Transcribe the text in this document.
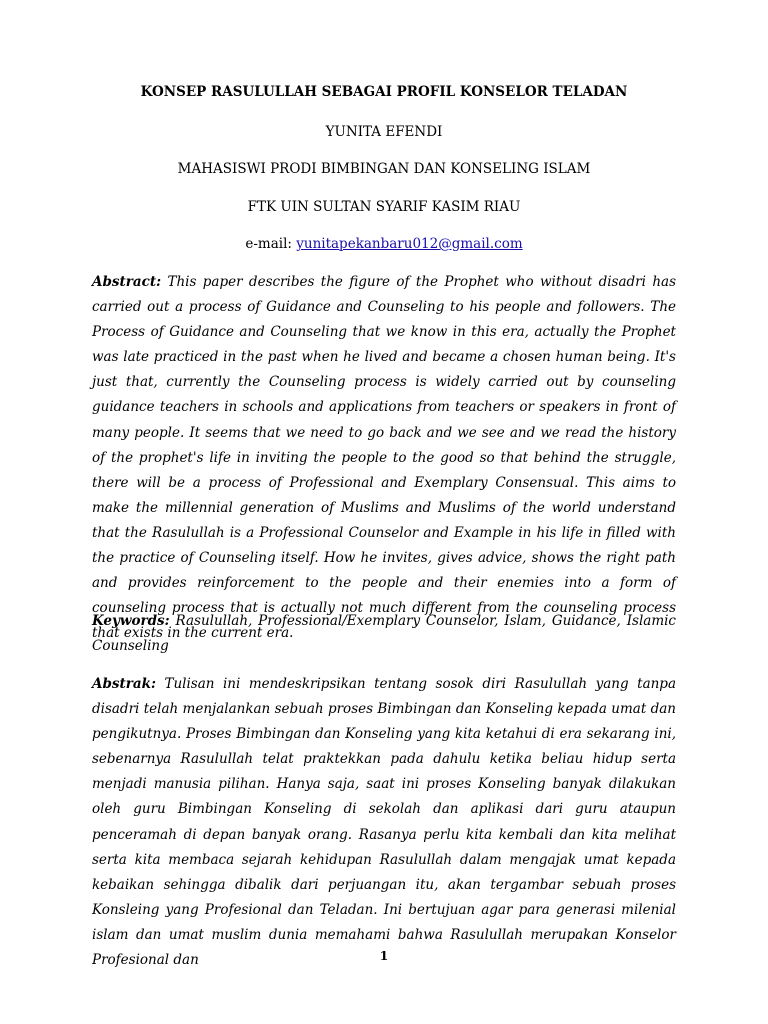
KONSEP RASULULLAH SEBAGAI PROFIL KONSELOR TELADAN
YUNITA EFENDI
MAHASISWI PRODI BIMBINGAN DAN KONSELING ISLAM
FTK UIN SULTAN SYARIF KASIM RIAU
e-mail: yunitapekanbaru012@gmail.com

Abstract: This paper describes the figure of the Prophet who without disadri has carried out a process of Guidance and Counseling to his people and followers. The Process of Guidance and Counseling that we know in this era, actually the Prophet was late practiced in the past when he lived and became a chosen human being. It's just that, currently the Counseling process is widely carried out by counseling guidance teachers in schools and applications from teachers or speakers in front of many people. It seems that we need to go back and we see and we read the history of the prophet's life in inviting the people to the good so that behind the struggle, there will be a process of Professional and Exemplary Consensual. This aims to make the millennial generation of Muslims and Muslims of the world understand that the Rasulullah is a Professional Counselor and Example in his life in filled with the practice of Counseling itself. How he invites, gives advice, shows the right path and provides reinforcement to the people and their enemies into a form of counseling process that is actually not much different from the counseling process that exists in the current era.

Keywords: Rasulullah, Professional/Exemplary Counselor, Islam, Guidance, Islamic Counseling

Abstrak: Tulisan ini mendeskripsikan tentang sosok diri Rasulullah yang tanpa disadri telah menjalankan sebuah proses Bimbingan dan Konseling kepada umat dan pengikutnya. Proses Bimbingan dan Konseling yang kita ketahui di era sekarang ini, sebenarnya Rasulullah telat praktekkan pada dahulu ketika beliau hidup serta menjadi manusia pilihan. Hanya saja, saat ini proses Konseling banyak dilakukan oleh guru Bimbingan Konseling di sekolah dan aplikasi dari guru ataupun penceramah di depan banyak orang. Rasanya perlu kita kembali dan kita melihat serta kita membaca sejarah kehidupan Rasulullah dalam mengajak umat kepada kebaikan sehingga dibalik dari perjuangan itu, akan tergambar sebuah proses Konsleing yang Profesional dan Teladan. Ini bertujuan agar para generasi milenial islam dan umat muslim dunia memahami bahwa Rasulullah merupakan Konselor Profesional dan	1
